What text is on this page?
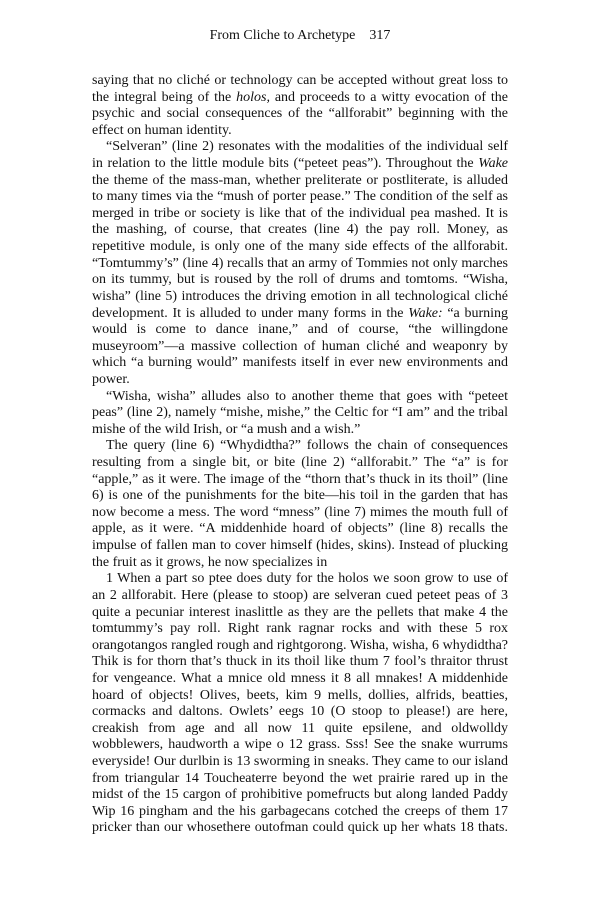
From Cliche to Archetype 317
saying that no cliché or technology can be accepted without great loss to
the integral being of the holos, and proceeds to a witty evocation of the
psychic and social consequences of the “allforabit” beginning with the
effect on human identity.
“Selveran” (line 2) resonates with the modalities of the individual self
in relation to the little module bits (“peteet peas”). Throughout the Wake
the theme of the mass-man, whether preliterate or postliterate, is alluded
to many times via the “mush of porter pease.” The condition of the self as
merged in tribe or society is like that of the individual pea mashed. It is
the mashing, of course, that creates (line 4) the pay roll. Money, as
repetitive module, is only one of the many side effects of the allforabit.
“Tomtummy’s” (line 4) recalls that an army of Tommies not only marches
on its tummy, but is roused by the roll of drums and tomtoms. “Wisha,
wisha” (line 5) introduces the driving emotion in all technological cliché
development. It is alluded to under many forms in the Wake: “a burning
would is come to dance inane,” and of course, “the willingdone
museyroom”—a massive collection of human cliché and weaponry by
which “a burning would” manifests itself in ever new environments and
power.
“Wisha, wisha” alludes also to another theme that goes with “peteet
peas” (line 2), namely “mishe, mishe,” the Celtic for “I am” and the tribal
mishe of the wild Irish, or “a mush and a wish.”
The query (line 6) “Whydidtha?” follows the chain of consequences
resulting from a single bit, or bite (line 2) “allforabit.” The “a” is for
“apple,” as it were. The image of the “thorn that’s thuck in its thoil” (line
6) is one of the punishments for the bite—his toil in the garden that has
now become a mess. The word “mness” (line 7) mimes the mouth full of
apple, as it were. “A middenhide hoard of objects” (line 8) recalls the
impulse of fallen man to cover himself (hides, skins). Instead of plucking
the fruit as it grows, he now specializes in
1 When a part so ptee does duty for the holos we soon grow to use of
an 2 allforabit. Here (please to stoop) are selveran cued peteet peas of 3
quite a pecuniar interest inaslittle as they are the pellets that make 4 the
tomtummy’s pay roll. Right rank ragnar rocks and with these 5 rox
orangotangos rangled rough and rightgorong. Wisha, wisha, 6 whydidtha?
Thik is for thorn that’s thuck in its thoil like thum 7 fool’s thraitor thrust
for vengeance. What a mnice old mness it 8 all mnakes! A middenhide
hoard of objects! Olives, beets, kim 9 mells, dollies, alfrids, beatties,
cormacks and daltons. Owlets’ eegs 10 (O stoop to please!) are here,
creakish from age and all now 11 quite epsilene, and oldwolldy
wobblewers, haudworth a wipe o 12 grass. Sss! See the snake wurrums
everyside! Our durlbin is 13 sworming in sneaks. They came to our island
from triangular 14 Toucheaterre beyond the wet prairie rared up in the
midst of the 15 cargon of prohibitive pomefructs but along landed Paddy
Wip 16 pingham and the his garbagecans cotched the creeps of them 17
pricker than our whosethere outofman could quick up her whats 18 thats.
